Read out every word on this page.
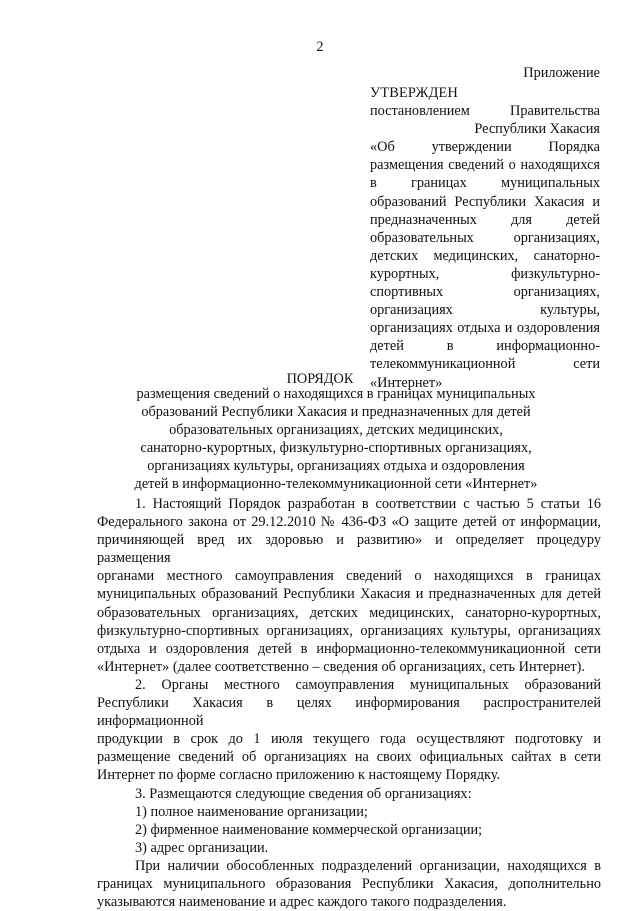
2
Приложение
УТВЕРЖДЕН
постановлением Правительства
Республики Хакасия
«Об утверждении Порядка
размещения сведений о находящихся
в границах муниципальных
образований Республики Хакасия и
предназначенных для детей
образовательных организациях,
детских медицинских, санаторно-
курортных, физкультурно-
спортивных организациях,
организациях культуры,
организациях отдыха и оздоровления
детей в информационно-
телекоммуникационной сети
«Интернет»
ПОРЯДОК
размещения сведений о находящихся в границах муниципальных
образований Республики Хакасия и предназначенных для детей
образовательных организациях, детских медицинских,
санаторно-курортных, физкультурно-спортивных организациях,
организациях культуры, организациях отдыха и оздоровления
детей в информационно-телекоммуникационной сети «Интернет»
1. Настоящий Порядок разработан в соответствии с частью 5 статьи 16
Федерального закона от 29.12.2010 № 436-ФЗ «О защите детей от информации,
причиняющей вред их здоровью и развитию» и определяет процедуру размещения
органами местного самоуправления сведений о находящихся в границах
муниципальных образований Республики Хакасия и предназначенных для детей
образовательных организациях, детских медицинских, санаторно-курортных,
физкультурно-спортивных организациях, организациях культуры, организациях
отдыха и оздоровления детей в информационно-телекоммуникационной сети
«Интернет» (далее соответственно – сведения об организациях, сеть Интернет).
2. Органы местного самоуправления муниципальных образований
Республики Хакасия в целях информирования распространителей информационной
продукции в срок до 1 июля текущего года осуществляют подготовку и
размещение сведений об организациях на своих официальных сайтах в сети
Интернет по форме согласно приложению к настоящему Порядку.
3. Размещаются следующие сведения об организациях:
1) полное наименование организации;
2) фирменное наименование коммерческой организации;
3) адрес организации.
При наличии обособленных подразделений организации, находящихся в
границах муниципального образования Республики Хакасия, дополнительно
указываются наименование и адрес каждого такого подразделения.
